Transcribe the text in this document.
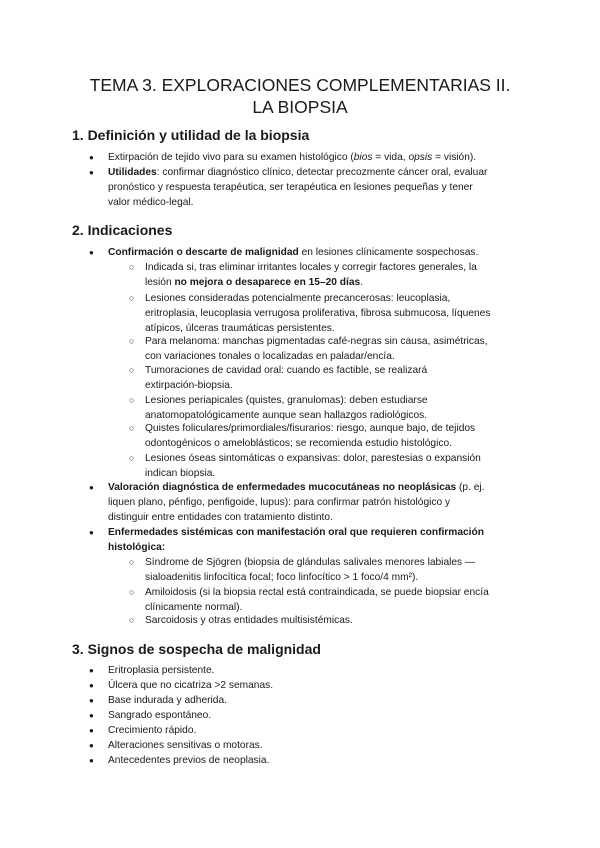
TEMA 3. EXPLORACIONES COMPLEMENTARIAS II.
LA BIOPSIA
1. Definición y utilidad de la biopsia
● Extirpación de tejido vivo para su examen histológico (bios = vida, opsis = visión).
● Utilidades: confirmar diagnóstico clínico, detectar precozmente cáncer oral, evaluar
pronóstico y respuesta terapéutica, ser terapéutica en lesiones pequeñas y tener
valor médico-legal.
2. Indicaciones
● Confirmación o descarte de malignidad en lesiones clínicamente sospechosas.
○ Indicada si, tras eliminar irritantes locales y corregir factores generales, la
lesión no mejora o desaparece en 15–20 días.
○ Lesiones consideradas potencialmente precancerosas: leucoplasia,
eritroplasia, leucoplasia verrugosa proliferativa, fibrosa submucosa, líquenes
atípicos, úlceras traumáticas persistentes.
○ Para melanoma: manchas pigmentadas café-negras sin causa, asimétricas,
con variaciones tonales o localizadas en paladar/encía.
○ Tumoraciones de cavidad oral: cuando es factible, se realizará
extirpación-biopsia.
○ Lesiones periapicales (quistes, granulomas): deben estudiarse
anatomopatológicamente aunque sean hallazgos radiológicos.
○ Quistes foliculares/primordiales/fisurarios: riesgo, aunque bajo, de tejidos
odontogénicos o ameloblásticos; se recomienda estudio histológico.
○ Lesiones óseas sintomáticas o expansivas: dolor, parestesias o expansión
indican biopsia.
● Valoración diagnóstica de enfermedades mucocutáneas no neoplásicas (p. ej.
liquen plano, pénfigo, penfigoide, lupus): para confirmar patrón histológico y
distinguir entre entidades con tratamiento distinto.
● Enfermedades sistémicas con manifestación oral que requieren confirmación
histológica:
○ Síndrome de Sjögren (biopsia de glándulas salivales menores labiales —
sialoadenitis linfocítica focal; foco linfocítico > 1 foco/4 mm²).
○ Amiloidosis (si la biopsia rectal está contraindicada, se puede biopsiar encía
clínicamente normal).
○ Sarcoidosis y otras entidades multisistémicas.
3. Signos de sospecha de malignidad
● Eritroplasia persistente.
● Úlcera que no cicatriza >2 semanas.
● Base indurada y adherida.
● Sangrado espontáneo.
● Crecimiento rápido.
● Alteraciones sensitivas o motoras.
● Antecedentes previos de neoplasia.
